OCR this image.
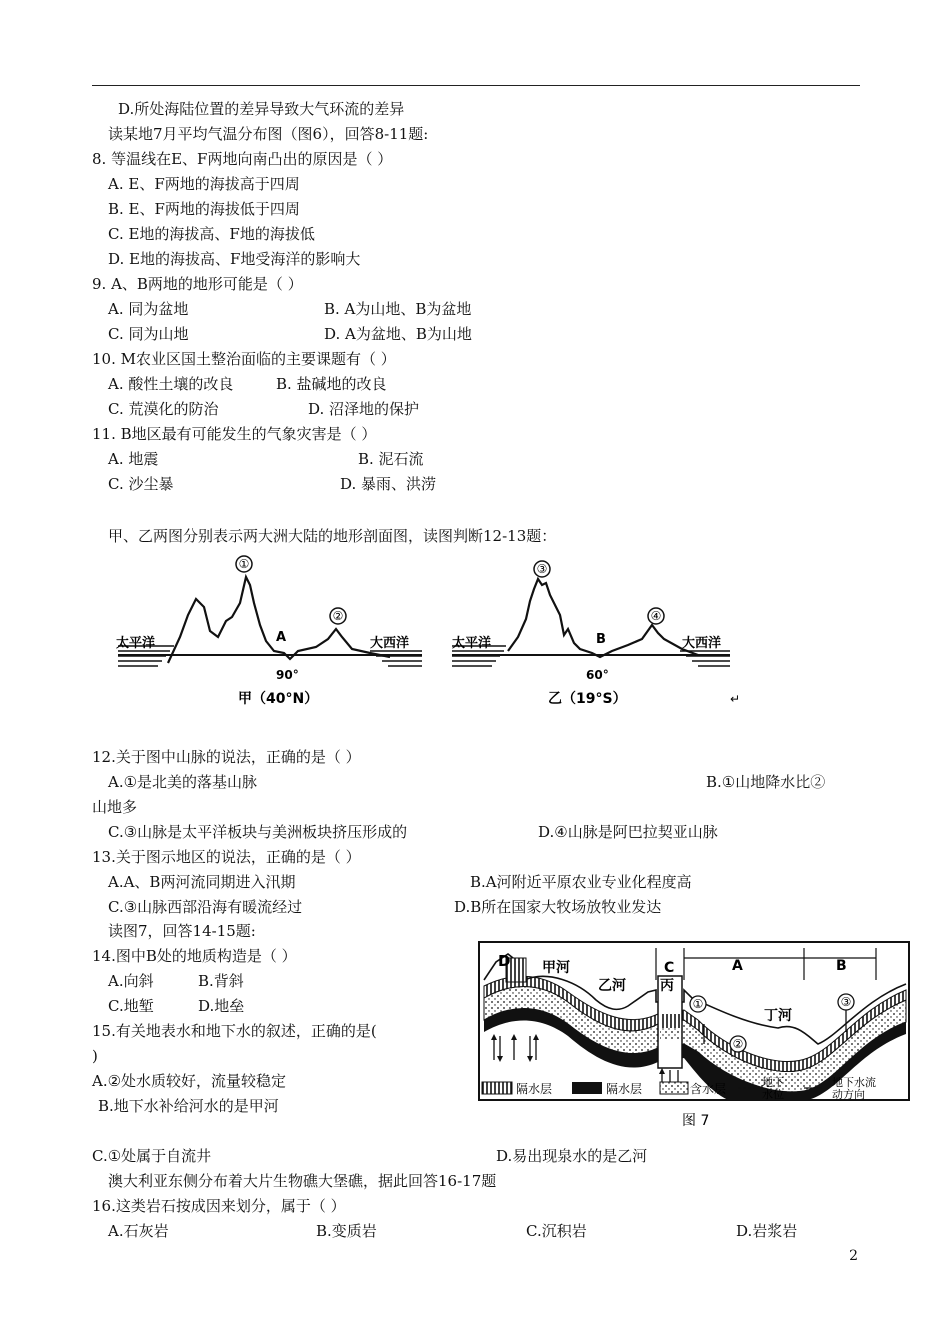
D.所处海陆位置的差异导致大气环流的差异
读某地7月平均气温分布图（图6），回答8-11题:
8. 等温线在E、F两地向南凸出的原因是（ ）
A. E、F两地的海拔高于四周
B. E、F两地的海拔低于四周
C. E地的海拔高、F地的海拔低
D. E地的海拔高、F地受海洋的影响大
9. A、B两地的地形可能是（ ）
A. 同为盆地	B. A为山地、B为盆地
C. 同为山地	D. A为盆地、B为山地
10. M农业区国土整治面临的主要课题有（ ）
A. 酸性土壤的改良	B. 盐碱地的改良
C. 荒漠化的防治	D. 沼泽地的保护
11. B地区最有可能发生的气象灾害是（ ）
A. 地震	B. 泥石流
C. 沙尘暴	D. 暴雨、洪涝
甲、乙两图分别表示两大洲大陆的地形剖面图，读图判断12-13题：
①
②
太平洋	大西洋
A
90°
甲（40°N）
③
④
太平洋	大西洋
B
60°
乙（19°S）	↵
12.关于图中山脉的说法，正确的是（ ）
A.①是北美的落基山脉	B.①山地降水比②
山地多
C.③山脉是太平洋板块与美洲板块挤压形成的	D.④山脉是阿巴拉契亚山脉
13.关于图示地区的说法，正确的是（ ）
A.A、B两河流同期进入汛期	B.A河附近平原农业专业化程度高
C.③山脉西部沿海有暖流经过	D.B所在国家大牧场放牧业发达
读图7，回答14-15题:
14.图中B处的地质构造是（ ）
A.向斜	B.背斜
C.地堑	D.地垒
15.有关地表水和地下水的叙述，正确的是(
)
A.②处水质较好，流量较稳定
B.地下水补给河水的是甲河
D	C	A	B
甲河
乙河 丙
丁河
①
②
③
隔水层	隔水层	含水层	地下
水位
地下水流
动方向
图 7
C.①处属于自流井	D.易出现泉水的是乙河
澳大利亚东侧分布着大片生物礁大堡礁，据此回答16-17题
16.这类岩石按成因来划分，属于（ ）
A.石灰岩	B.变质岩	C.沉积岩	D.岩浆岩
2
